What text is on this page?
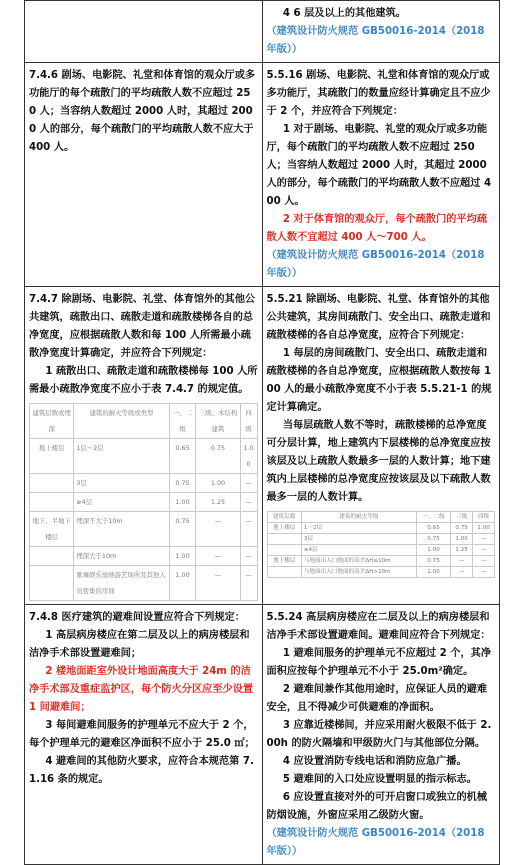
4 6 层及以上的其他建筑。

（建筑设计防火规范 GB50016-2014（2018 年版））

7.4.6 剧场、电影院、礼堂和体育馆的观众厅或多功能厅的每个疏散门的平均疏散人数不应超过 250 人；当容纳人数超过 2000 人时，其超过 2000 人的部分，每个疏散门的平均疏散人数不应大于 400 人。

5.5.16 剧场、电影院、礼堂和体育馆的观众厅或多功能厅，其疏散门的数量应经计算确定且不应少于 2 个，并应符合下列规定：

1 对于剧场、电影院、礼堂的观众厅或多功能厅，每个疏散门的平均疏散人数不应超过 250 人；当容纳人数超过 2000 人时，其超过 2000 人的部分，每个疏散门的平均疏散人数不应超过 400 人。

2 对于体育馆的观众厅，每个疏散门的平均疏散人数不宜超过 400 人～700 人。

（建筑设计防火规范 GB50016-2014（2018 年版））

7.4.7 除剧场、电影院、礼堂、体育馆外的其他公共建筑，疏散出口、疏散走道和疏散楼梯各自的总净宽度，应根据疏散人数和每 100 人所需最小疏散净宽度计算确定，并应符合下列规定：

1 疏散出口、疏散走道和疏散楼梯每 100 人所需最小疏散净宽度不应小于表 7.4.7 的规定值。

建筑层数或埋深	建筑的耐火等级或类型	一、二级	三级、木结构建筑	四级
地上楼层	1层～2层	0.65	0.75	1.00
	3层	0.75	1.00	—
	≥4层	1.00	1.25	—
地下、半地下楼层	埋深不大于10m	0.75	—	—
	埋深大于10m	1.00	—	—
	歌舞娱乐放映游艺场所及其他人员密集的房间	1.00	—	—

5.5.21 除剧场、电影院、礼堂、体育馆外的其他公共建筑，其房间疏散门、安全出口、疏散走道和疏散楼梯的各自总净宽度，应符合下列规定：

1 每层的房间疏散门、安全出口、疏散走道和疏散楼梯的各自总净宽度，应根据疏散人数按每 100 人的最小疏散净宽度不小于表 5.5.21-1 的规定计算确定。

当每层疏散人数不等时，疏散楼梯的总净宽度可分层计算，地上建筑内下层楼梯的总净宽度应按该层及以上疏散人数最多一层的人数计算；地下建筑内上层楼梯的总净宽度应按该层及以下疏散人数最多一层的人数计算。

建筑层数	建筑的耐火等级	一、二级	三级	四级
地上楼层	1～2层	0.65	0.75	1.00
	3层	0.75	1.00	—
	≥4层	1.00	1.25	—
地下楼层	与地面出入口地面的高差ΔH≤10m	0.75	—	—
	与地面出入口地面的高差ΔH>10m	1.00	—	—

7.4.8 医疗建筑的避难间设置应符合下列规定：

1 高层病房楼应在第二层及以上的病房楼层和洁净手术部设置避难间；

2 楼地面距室外设计地面高度大于 24m 的洁净手术部及重症监护区，每个防火分区应至少设置 1 间避难间；

3 每间避难间服务的护理单元不应大于 2 个，每个护理单元的避难区净面积不应小于 25.0 ㎡；

4 避难间的其他防火要求，应符合本规范第 7.1.16 条的规定。

5.5.24 高层病房楼应在二层及以上的病房楼层和洁净手术部设置避难间。避难间应符合下列规定：

1 避难间服务的护理单元不应超过 2 个，其净面积应按每个护理单元不小于 25.0m²确定。

2 避难间兼作其他用途时，应保证人员的避难安全，且不得减少可供避难的净面积。

3 应靠近楼梯间，并应采用耐火极限不低于 2.00h 的防火隔墙和甲级防火门与其他部位分隔。

4 应设置消防专线电话和消防应急广播。

5 避难间的入口处应设置明显的指示标志。

6 应设置直接对外的可开启窗口或独立的机械防烟设施，外窗应采用乙级防火窗。

（建筑设计防火规范 GB50016-2014（2018 年版））
